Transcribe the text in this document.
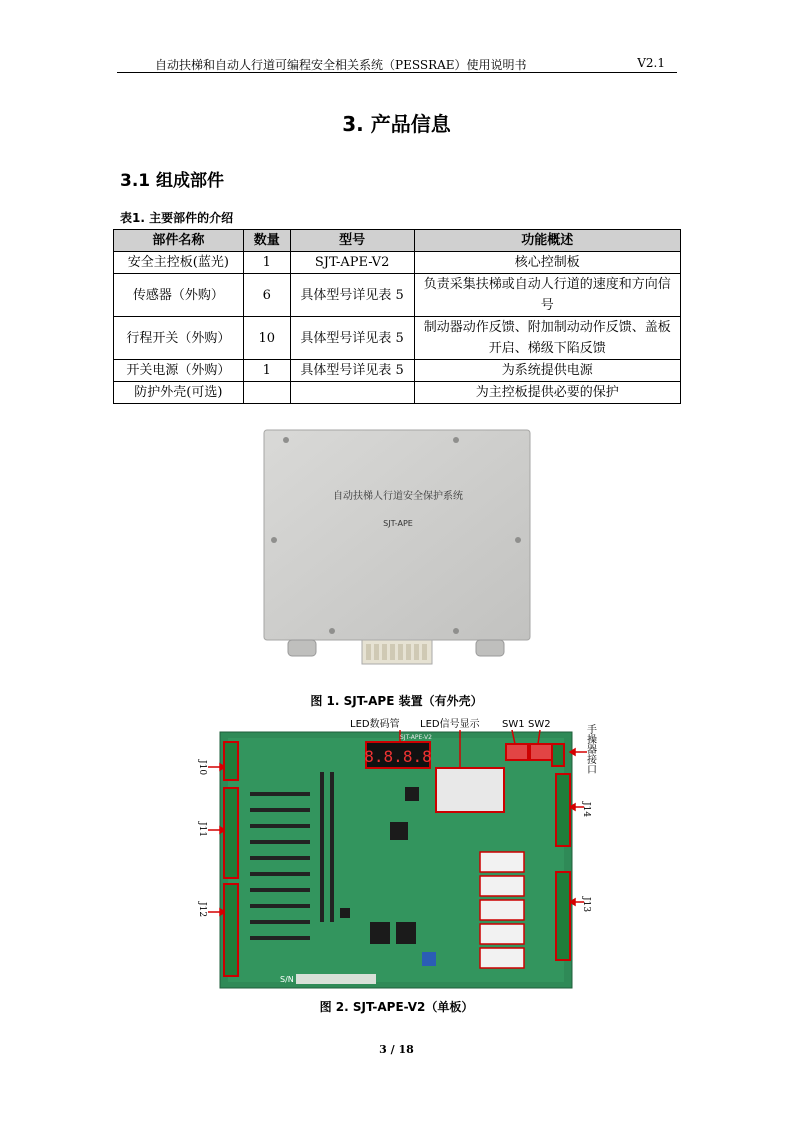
自动扶梯和自动人行道可编程安全相关系统（PESSRAE）使用说明书	V2.1
3. 产品信息
3.1 组成部件
表1. 主要部件的介绍
部件名称	数量	型号	功能概述
安全主控板(蓝光)	1	SJT-APE-V2	核心控制板
传感器（外购）	6	具体型号详见表 5	负责采集扶梯或自动人行道的速度和方向信号
行程开关（外购）	10	具体型号详见表 5	制动器动作反馈、附加制动动作反馈、盖板开启、梯级下陷反馈
开关电源（外购）	1	具体型号详见表 5	为系统提供电源
防护外壳(可选)			为主控板提供必要的保护
自动扶梯人行道安全保护系统
SJT-APE
图 1. SJT-APE 装置（有外壳）
LED数码管 LED信号显示 SW1 SW2	手操器接口
J10
J11
J12
J14
J13
8.8.8.8
S/N
SJT-APE-V2
图 2. SJT-APE-V2（单板）
3 / 18
